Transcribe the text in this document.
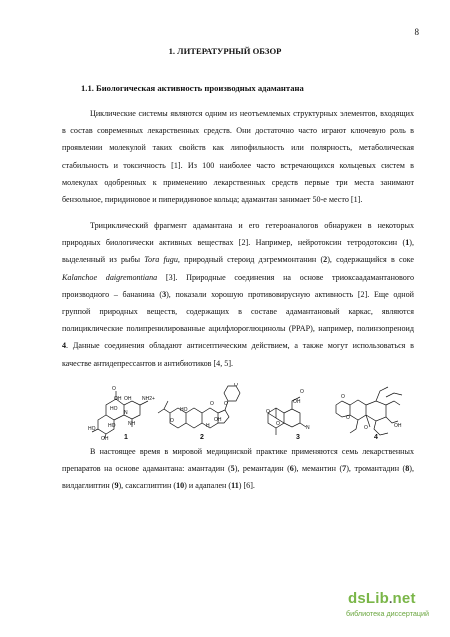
8
1. ЛИТЕРАТУРНЫЙ ОБЗОР
1.1. Биологическая активность производных адамантана

Циклические системы являются одним из неотъемлемых структурных элементов, входящих в состав современных лекарственных средств. Они достаточно часто играют ключевую роль в проявлении молекулой таких свойств как липофильность или полярность, метаболическая стабильность и токсичность [1]. Из 100 наиболее часто встречающихся кольцевых систем в молекулах одобренных к применению лекарственных средств первые три места занимают бензольное, пиридиновое и пиперидиновое кольца; адамантан занимает 50-е место [1].

Трициклический фрагмент адамантана и его гетероаналогов обнаружен в некоторых природных биологически активных веществах [2]. Например, нейротоксин тетродотоксин (1), выделенный из рыбы Tora fugu, природный стероид дэгреммонтанин (2), содержащийся в соке Kalanchoe daigremontiana [3]. Природные соединения на основе триоксаадамантанового производного – бананина (3), показали хорошую противовирусную активность [2]. Еще одной группой природных веществ, содержащих в составе адамантановый каркас, являются полициклические полипренилированные ацилфлороглюцинолы (PPAP), например, полинзопреноид 4. Данные соединения обладают антисептическим действием, а также могут использоваться в качестве антидепрессантов и антибиотиков [4, 5].

1	2	3	4
O
OH
HO
OH NH2+
N
NH
HO
OH
HO
O
O
HO
O
H
OH
O
O
O
O
N
OH
O
O
OH
O

В настоящее время в мировой медицинской практике применяются семь лекарственных препаратов на основе адамантана: амантадин (5), ремантадин (6), мемантин (7), тромантадин (8), вилдаглиптин (9), саксаглиптин (10) и адапален (11) [6].

dsLib.net
библиотека диссертаций
